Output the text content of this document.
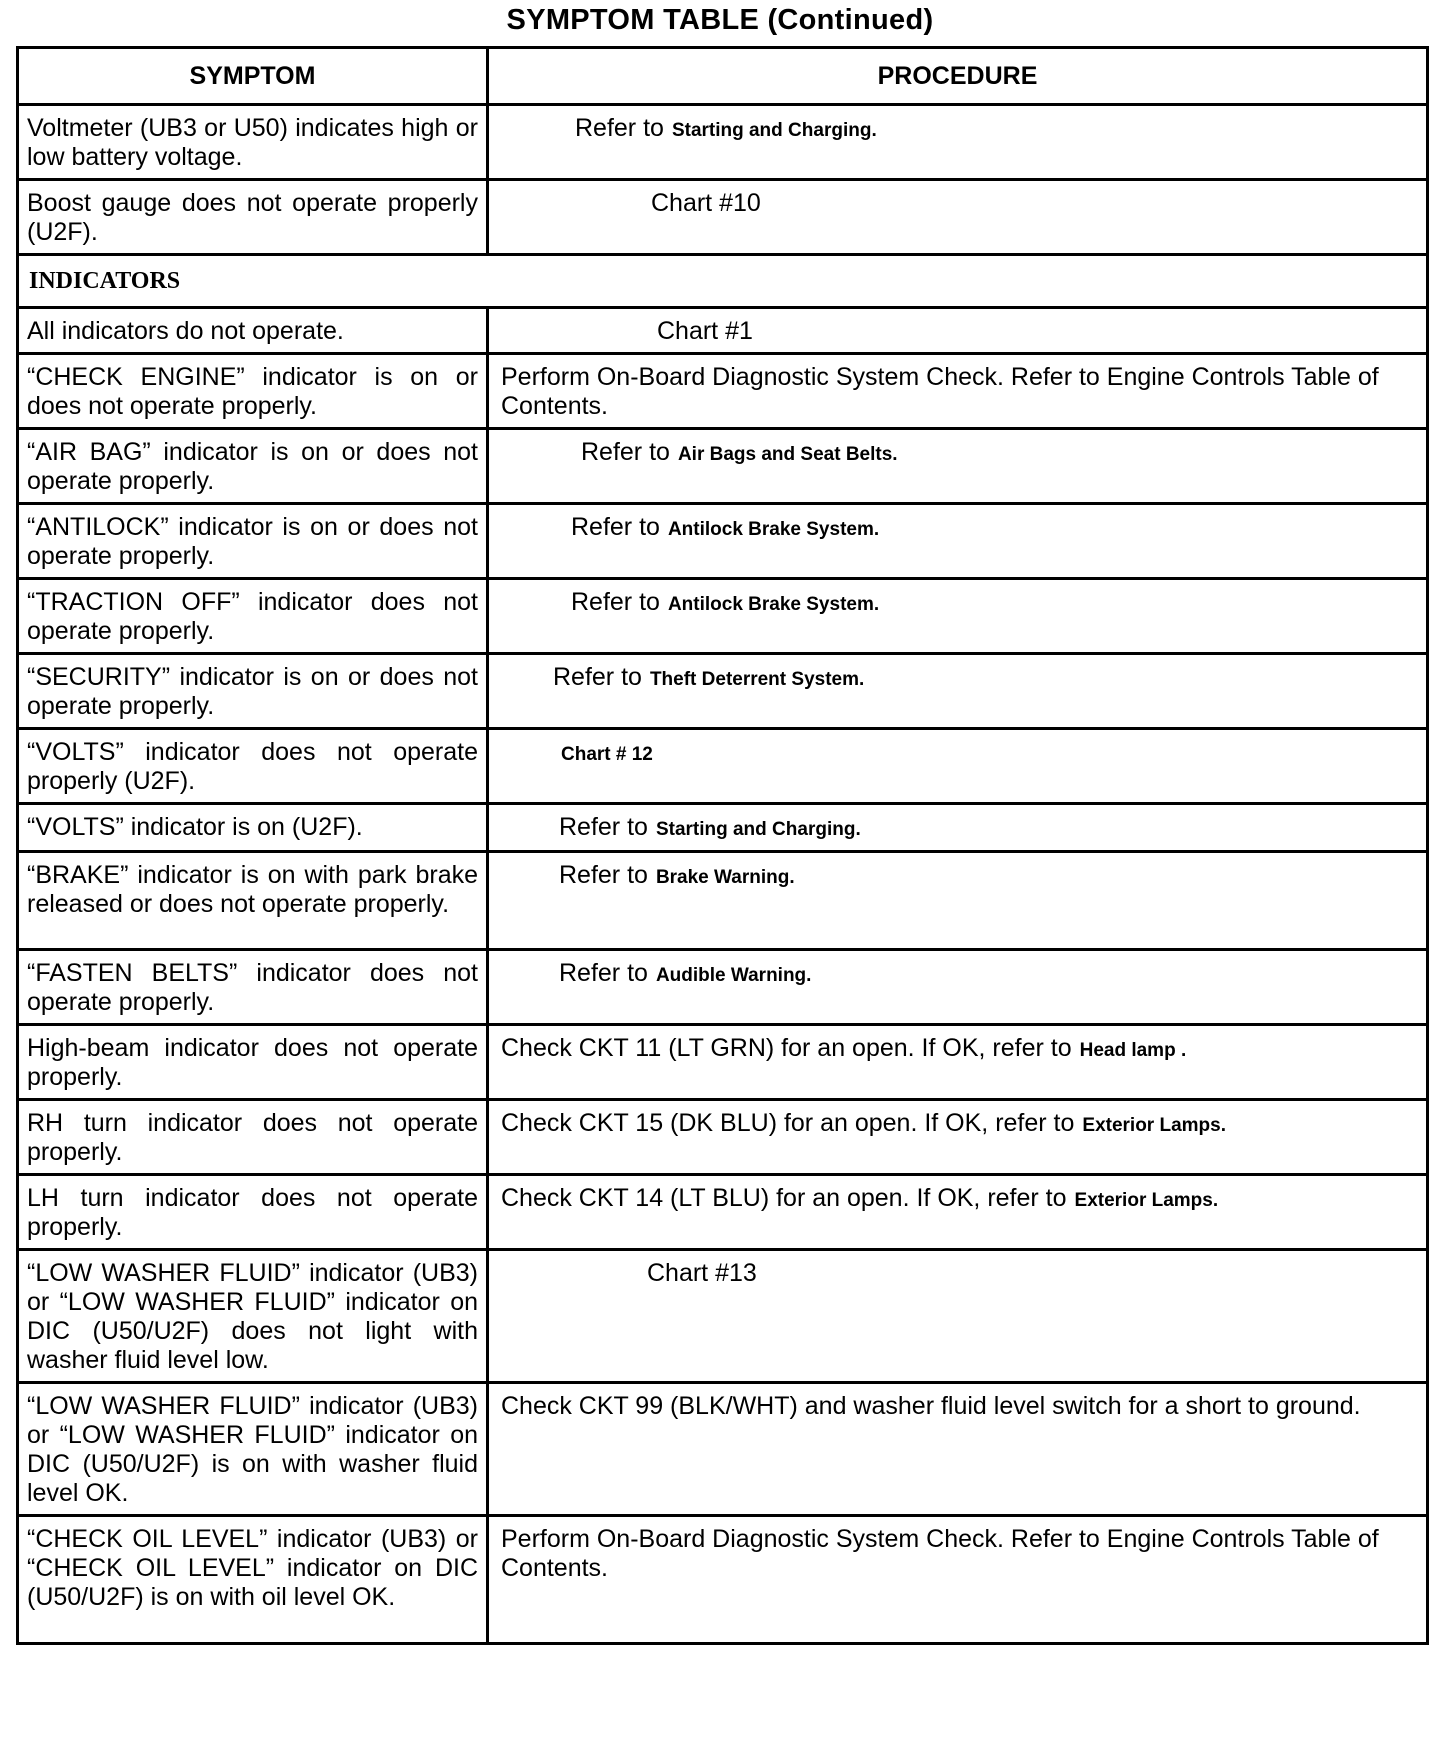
SYMPTOM TABLE (Continued)
SYMPTOM	PROCEDURE
Voltmeter (UB3 or U50) indicates high or low battery voltage.	Refer to Starting and Charging.
Boost gauge does not operate properly (U2F).	Chart #10
INDICATORS	
All indicators do not operate.	Chart #1
“CHECK ENGINE” indicator is on or does not operate properly.	Perform On-Board Diagnostic System Check. Refer to Engine Controls Table of Contents.
“AIR BAG” indicator is on or does not operate properly.	Refer to Air Bags and Seat Belts.
“ANTILOCK” indicator is on or does not operate properly.	Refer to Antilock Brake System.
“TRACTION OFF” indicator does not operate properly.	Refer to Antilock Brake System.
“SECURITY” indicator is on or does not operate properly.	Refer to Theft Deterrent System.
“VOLTS” indicator does not operate properly (U2F).	Chart # 12
“VOLTS” indicator is on (U2F).	Refer to Starting and Charging.
“BRAKE” indicator is on with park brake released or does not operate properly.	Refer to Brake Warning.
“FASTEN BELTS” indicator does not operate properly.	Refer to Audible Warning.
High-beam indicator does not operate properly.	Check CKT 11 (LT GRN) for an open. If OK, refer to Head lamp .
RH turn indicator does not operate properly.	Check CKT 15 (DK BLU) for an open. If OK, refer to Exterior Lamps.
LH turn indicator does not operate properly.	Check CKT 14 (LT BLU) for an open. If OK, refer to Exterior Lamps.
“LOW WASHER FLUID” indicator (UB3) or “LOW WASHER FLUID” indicator on DIC (U50/U2F) does not light with washer fluid level low.	Chart #13
“LOW WASHER FLUID” indicator (UB3) or “LOW WASHER FLUID” indicator on DIC (U50/U2F) is on with washer fluid level OK.	Check CKT 99 (BLK/WHT) and washer fluid level switch for a short to ground.
“CHECK OIL LEVEL” indicator (UB3) or “CHECK OIL LEVEL” indicator on DIC (U50/U2F) is on with oil level OK.	Perform On-Board Diagnostic System Check. Refer to Engine Controls Table of Contents.
